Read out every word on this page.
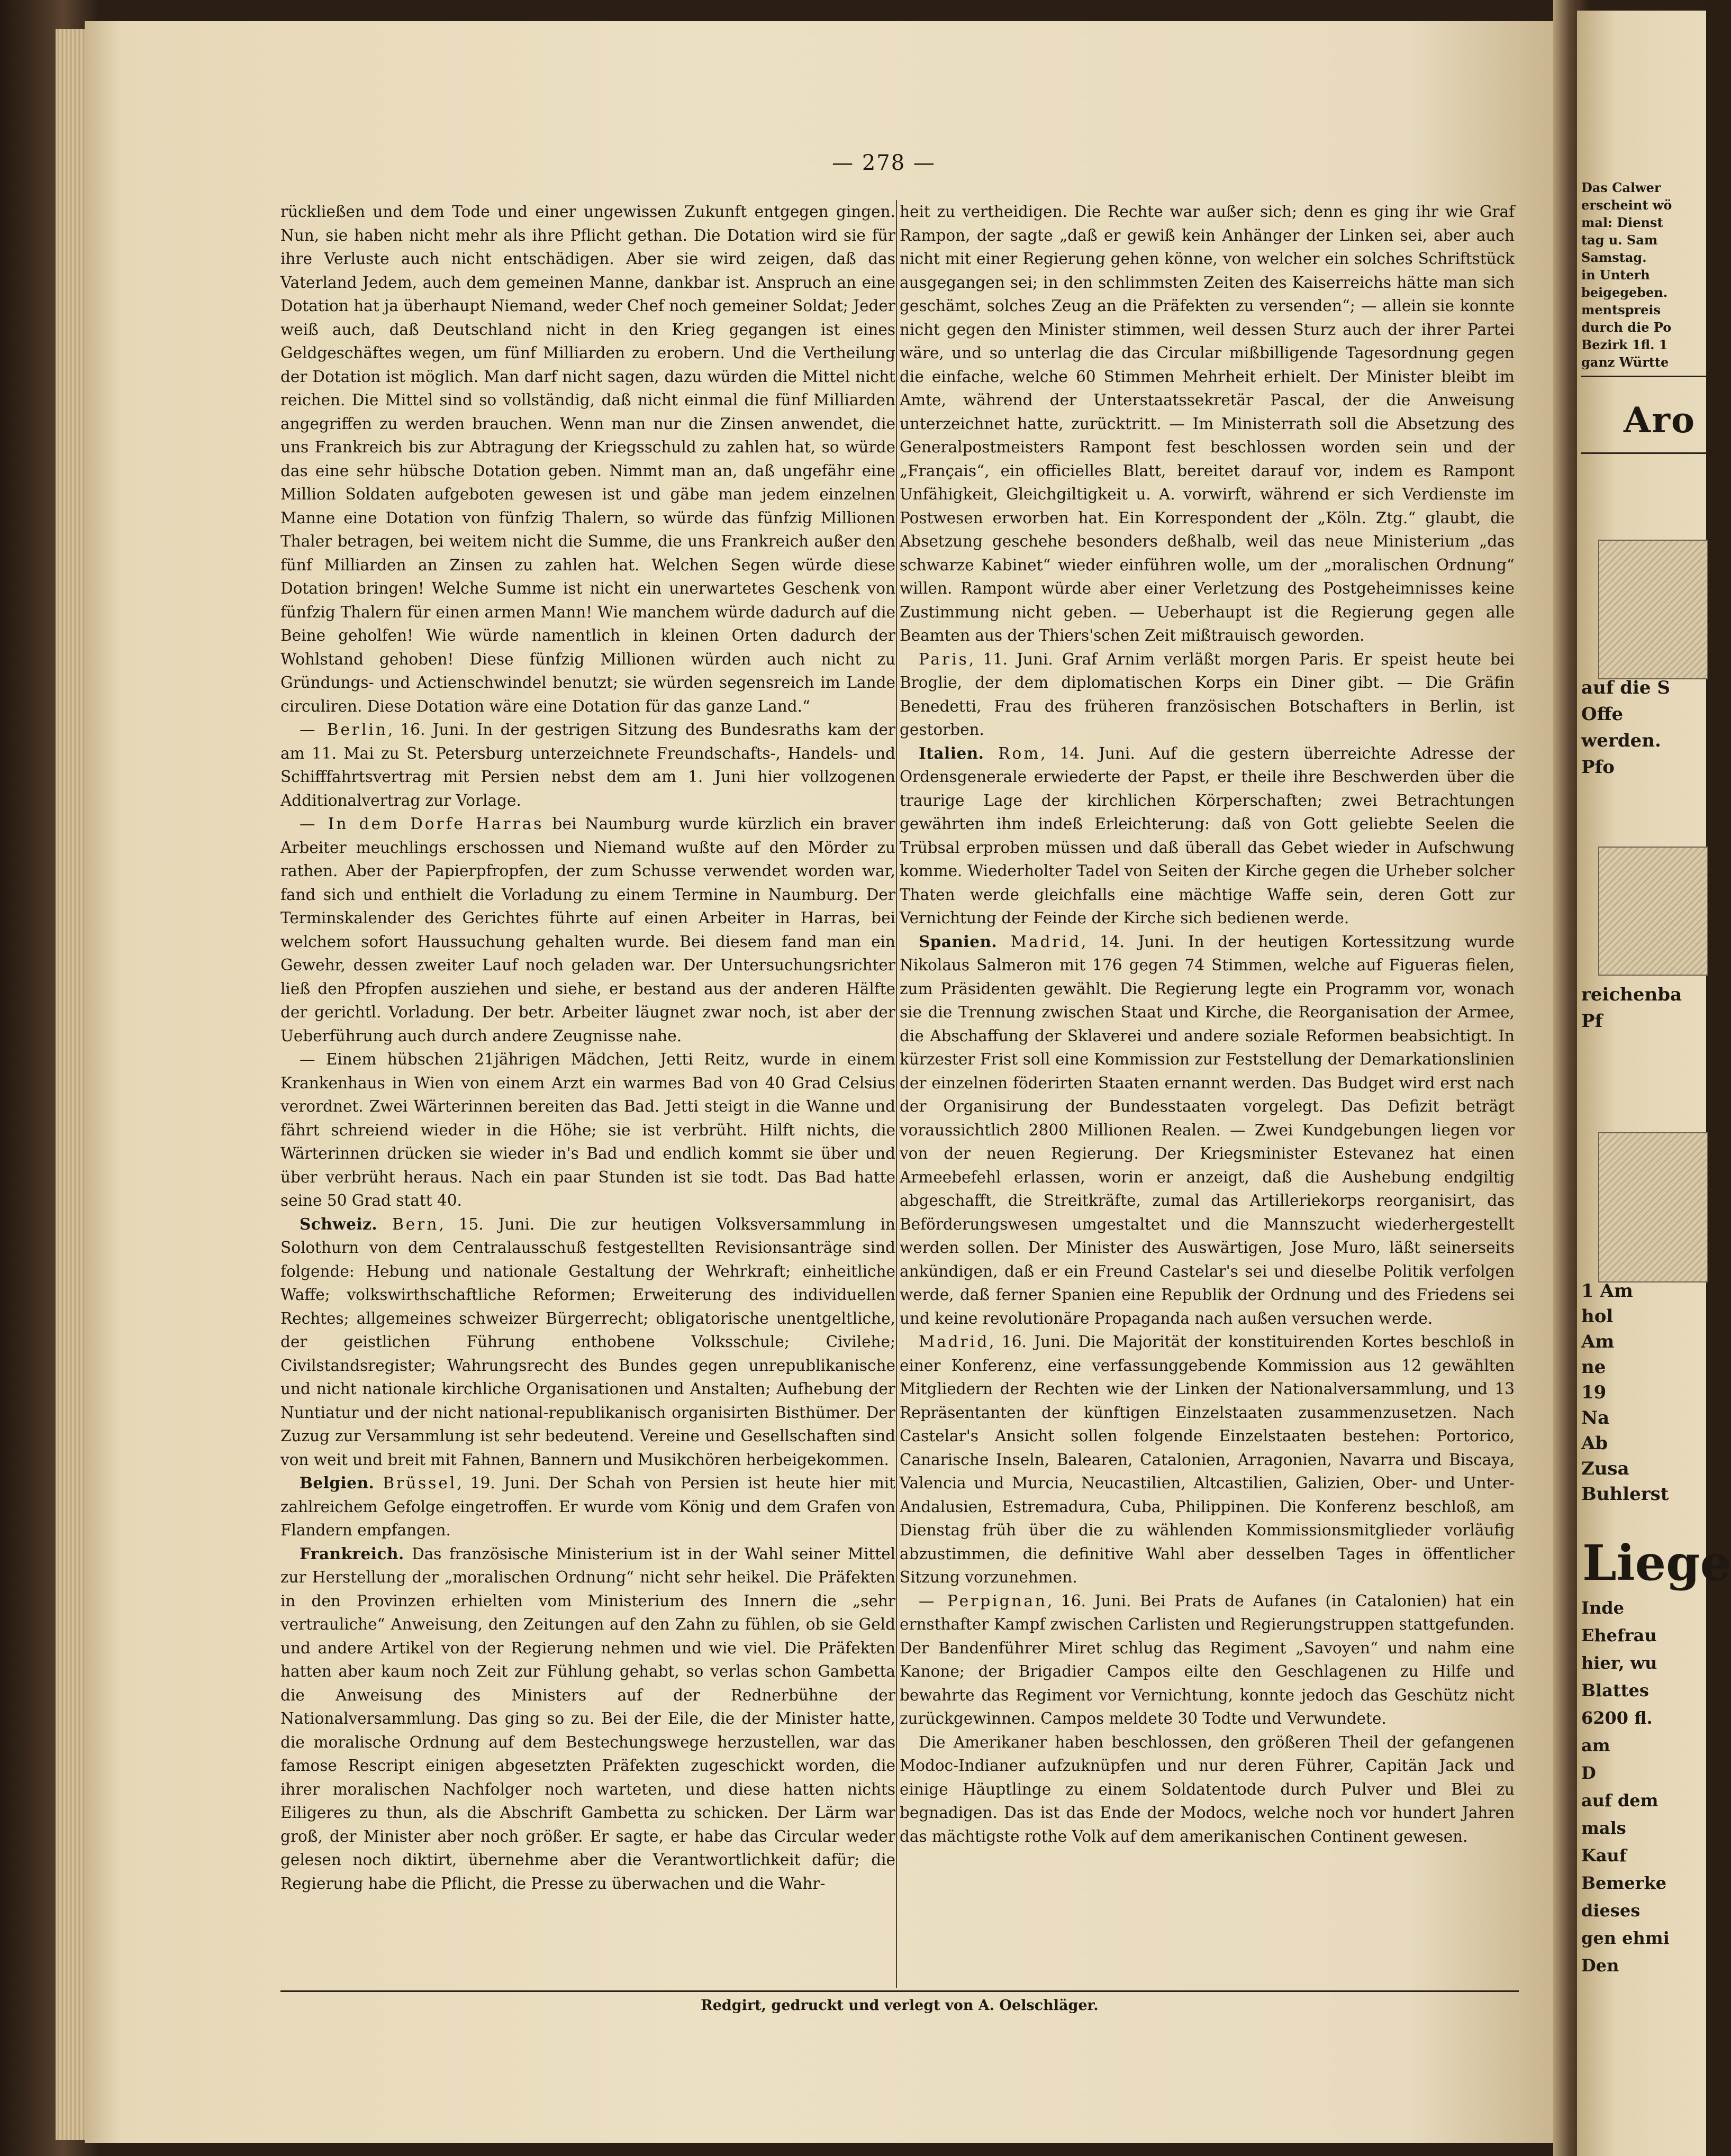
— 278 —

rückließen und dem Tode und einer ungewissen Zukunft entgegen gingen. Nun, sie haben nicht mehr als ihre Pflicht gethan. Die Dotation wird sie für ihre Verluste auch nicht entschädigen. Aber sie wird zeigen, daß das Vaterland Jedem, auch dem gemeinen Manne, dankbar ist. Anspruch an eine Dotation hat ja überhaupt Niemand, weder Chef noch gemeiner Soldat; Jeder weiß auch, daß Deutschland nicht in den Krieg gegangen ist eines Geldgeschäftes wegen, um fünf Milliarden zu erobern. Und die Vertheilung der Dotation ist möglich. Man darf nicht sagen, dazu würden die Mittel nicht reichen. Die Mittel sind so vollständig, daß nicht einmal die fünf Milliarden angegriffen zu werden brauchen. Wenn man nur die Zinsen anwendet, die uns Frankreich bis zur Abtragung der Kriegsschuld zu zahlen hat, so würde das eine sehr hübsche Dotation geben. Nimmt man an, daß ungefähr eine Million Soldaten aufgeboten gewesen ist und gäbe man jedem einzelnen Manne eine Dotation von fünfzig Thalern, so würde das fünfzig Millionen Thaler betragen, bei weitem nicht die Summe, die uns Frankreich außer den fünf Milliarden an Zinsen zu zahlen hat. Welchen Segen würde diese Dotation bringen! Welche Summe ist nicht ein unerwartetes Geschenk von fünfzig Thalern für einen armen Mann! Wie manchem würde dadurch auf die Beine geholfen! Wie würde namentlich in kleinen Orten dadurch der Wohlstand gehoben! Diese fünfzig Millionen würden auch nicht zu Gründungs- und Actienschwindel benutzt; sie würden segensreich im Lande circuliren. Diese Dotation wäre eine Dotation für das ganze Land.“

— Berlin, 16. Juni. In der gestrigen Sitzung des Bundesraths kam der am 11. Mai zu St. Petersburg unterzeichnete Freundschafts-, Handels- und Schifffahrtsvertrag mit Persien nebst dem am 1. Juni hier vollzogenen Additionalvertrag zur Vorlage.

— In dem Dorfe Harras bei Naumburg wurde kürzlich ein braver Arbeiter meuchlings erschossen und Niemand wußte auf den Mörder zu rathen. Aber der Papierpfropfen, der zum Schusse verwendet worden war, fand sich und enthielt die Vorladung zu einem Termine in Naumburg. Der Terminskalender des Gerichtes führte auf einen Arbeiter in Harras, bei welchem sofort Haussuchung gehalten wurde. Bei diesem fand man ein Gewehr, dessen zweiter Lauf noch geladen war. Der Untersuchungsrichter ließ den Pfropfen ausziehen und siehe, er bestand aus der anderen Hälfte der gerichtl. Vorladung. Der betr. Arbeiter läugnet zwar noch, ist aber der Ueberführung auch durch andere Zeugnisse nahe.

— Einem hübschen 21jährigen Mädchen, Jetti Reitz, wurde in einem Krankenhaus in Wien von einem Arzt ein warmes Bad von 40 Grad Celsius verordnet. Zwei Wärterinnen bereiten das Bad. Jetti steigt in die Wanne und fährt schreiend wieder in die Höhe; sie ist verbrüht. Hilft nichts, die Wärterinnen drücken sie wieder in's Bad und endlich kommt sie über und über verbrüht heraus. Nach ein paar Stunden ist sie todt. Das Bad hatte seine 50 Grad statt 40.

Schweiz. Bern, 15. Juni. Die zur heutigen Volksversammlung in Solothurn von dem Centralausschuß festgestellten Revisionsanträge sind folgende: Hebung und nationale Gestaltung der Wehrkraft; einheitliche Waffe; volkswirthschaftliche Reformen; Erweiterung des individuellen Rechtes; allgemeines schweizer Bürgerrecht; obligatorische unentgeltliche, der geistlichen Führung enthobene Volksschule; Civilehe; Civilstandsregister; Wahrungsrecht des Bundes gegen unrepublikanische und nicht nationale kirchliche Organisationen und Anstalten; Aufhebung der Nuntiatur und der nicht national-republikanisch organisirten Bisthümer. Der Zuzug zur Versammlung ist sehr bedeutend. Vereine und Gesellschaften sind von weit und breit mit Fahnen, Bannern und Musikchören herbeigekommen.

Belgien. Brüssel, 19. Juni. Der Schah von Persien ist heute hier mit zahlreichem Gefolge eingetroffen. Er wurde vom König und dem Grafen von Flandern empfangen.

Frankreich. Das französische Ministerium ist in der Wahl seiner Mittel zur Herstellung der „moralischen Ordnung“ nicht sehr heikel. Die Präfekten in den Provinzen erhielten vom Ministerium des Innern die „sehr vertrauliche“ Anweisung, den Zeitungen auf den Zahn zu fühlen, ob sie Geld und andere Artikel von der Regierung nehmen und wie viel. Die Präfekten hatten aber kaum noch Zeit zur Fühlung gehabt, so verlas schon Gambetta die Anweisung des Ministers auf der Rednerbühne der Nationalversammlung. Das ging so zu. Bei der Eile, die der Minister hatte, die moralische Ordnung auf dem Bestechungswege herzustellen, war das famose Rescript einigen abgesetzten Präfekten zugeschickt worden, die ihrer moralischen Nachfolger noch warteten, und diese hatten nichts Eiligeres zu thun, als die Abschrift Gambetta zu schicken. Der Lärm war groß, der Minister aber noch größer. Er sagte, er habe das Circular weder gelesen noch diktirt, übernehme aber die Verantwortlichkeit dafür; die Regierung habe die Pflicht, die Presse zu überwachen und die Wahr-

heit zu vertheidigen. Die Rechte war außer sich; denn es ging ihr wie Graf Rampon, der sagte „daß er gewiß kein Anhänger der Linken sei, aber auch nicht mit einer Regierung gehen könne, von welcher ein solches Schriftstück ausgegangen sei; in den schlimmsten Zeiten des Kaiserreichs hätte man sich geschämt, solches Zeug an die Präfekten zu versenden“; — allein sie konnte nicht gegen den Minister stimmen, weil dessen Sturz auch der ihrer Partei wäre, und so unterlag die das Circular mißbilligende Tagesordnung gegen die einfache, welche 60 Stimmen Mehrheit erhielt. Der Minister bleibt im Amte, während der Unterstaatssekretär Pascal, der die Anweisung unterzeichnet hatte, zurücktritt. — Im Ministerrath soll die Absetzung des Generalpostmeisters Rampont fest beschlossen worden sein und der „Français“, ein officielles Blatt, bereitet darauf vor, indem es Rampont Unfähigkeit, Gleichgiltigkeit u. A. vorwirft, während er sich Verdienste im Postwesen erworben hat. Ein Korrespondent der „Köln. Ztg.“ glaubt, die Absetzung geschehe besonders deßhalb, weil das neue Ministerium „das schwarze Kabinet“ wieder einführen wolle, um der „moralischen Ordnung“ willen. Rampont würde aber einer Verletzung des Postgeheimnisses keine Zustimmung nicht geben. — Ueberhaupt ist die Regierung gegen alle Beamten aus der Thiers'schen Zeit mißtrauisch geworden.

Paris, 11. Juni. Graf Arnim verläßt morgen Paris. Er speist heute bei Broglie, der dem diplomatischen Korps ein Diner gibt. — Die Gräfin Benedetti, Frau des früheren französischen Botschafters in Berlin, ist gestorben.

Italien. Rom, 14. Juni. Auf die gestern überreichte Adresse der Ordensgenerale erwiederte der Papst, er theile ihre Beschwerden über die traurige Lage der kirchlichen Körperschaften; zwei Betrachtungen gewährten ihm indeß Erleichterung: daß von Gott geliebte Seelen die Trübsal erproben müssen und daß überall das Gebet wieder in Aufschwung komme. Wiederholter Tadel von Seiten der Kirche gegen die Urheber solcher Thaten werde gleichfalls eine mächtige Waffe sein, deren Gott zur Vernichtung der Feinde der Kirche sich bedienen werde.

Spanien. Madrid, 14. Juni. In der heutigen Kortessitzung wurde Nikolaus Salmeron mit 176 gegen 74 Stimmen, welche auf Figueras fielen, zum Präsidenten gewählt. Die Regierung legte ein Programm vor, wonach sie die Trennung zwischen Staat und Kirche, die Reorganisation der Armee, die Abschaffung der Sklaverei und andere soziale Reformen beabsichtigt. In kürzester Frist soll eine Kommission zur Feststellung der Demarkationslinien der einzelnen föderirten Staaten ernannt werden. Das Budget wird erst nach der Organisirung der Bundesstaaten vorgelegt. Das Defizit beträgt voraussichtlich 2800 Millionen Realen. — Zwei Kundgebungen liegen vor von der neuen Regierung. Der Kriegsminister Estevanez hat einen Armeebefehl erlassen, worin er anzeigt, daß die Aushebung endgiltig abgeschafft, die Streitkräfte, zumal das Artilleriekorps reorganisirt, das Beförderungswesen umgestaltet und die Mannszucht wiederhergestellt werden sollen. Der Minister des Auswärtigen, Jose Muro, läßt seinerseits ankündigen, daß er ein Freund Castelar's sei und dieselbe Politik verfolgen werde, daß ferner Spanien eine Republik der Ordnung und des Friedens sei und keine revolutionäre Propaganda nach außen versuchen werde.

Madrid, 16. Juni. Die Majorität der konstituirenden Kortes beschloß in einer Konferenz, eine verfassunggebende Kommission aus 12 gewählten Mitgliedern der Rechten wie der Linken der Nationalversammlung, und 13 Repräsentanten der künftigen Einzelstaaten zusammenzusetzen. Nach Castelar's Ansicht sollen folgende Einzelstaaten bestehen: Portorico, Canarische Inseln, Balearen, Catalonien, Arragonien, Navarra und Biscaya, Valencia und Murcia, Neucastilien, Altcastilien, Galizien, Ober- und Unter-Andalusien, Estremadura, Cuba, Philippinen. Die Konferenz beschloß, am Dienstag früh über die zu wählenden Kommissionsmitglieder vorläufig abzustimmen, die definitive Wahl aber desselben Tages in öffentlicher Sitzung vorzunehmen.

— Perpignan, 16. Juni. Bei Prats de Aufanes (in Catalonien) hat ein ernsthafter Kampf zwischen Carlisten und Regierungstruppen stattgefunden. Der Bandenführer Miret schlug das Regiment „Savoyen“ und nahm eine Kanone; der Brigadier Campos eilte den Geschlagenen zu Hilfe und bewahrte das Regiment vor Vernichtung, konnte jedoch das Geschütz nicht zurückgewinnen. Campos meldete 30 Todte und Verwundete.

Die Amerikaner haben beschlossen, den größeren Theil der gefangenen Modoc-Indianer aufzuknüpfen und nur deren Führer, Capitän Jack und einige Häuptlinge zu einem Soldatentode durch Pulver und Blei zu begnadigen. Das ist das Ende der Modocs, welche noch vor hundert Jahren das mächtigste rothe Volk auf dem amerikanischen Continent gewesen.

Redgirt, gedruckt und verlegt von A. Oelschläger.
Aro
Liege
Das Calwer
erscheint wö
mal: Dienst
tag u. Sam
Samstag.
in Unterh
beigegeben.
mentspreis
durch die Po
Bezirk 1fl. 1
ganz Württe
auf die S
Offe
werden.
Pfo
reichenba
Pf
1 Am
hol
Am
ne
19
Na
Ab
Zusa
Buhlerst
Inde
Ehefrau
hier, wu
Blattes
6200 fl.
am
D
auf dem
mals
Kauf
Bemerke
dieses
gen ehmi
Den
